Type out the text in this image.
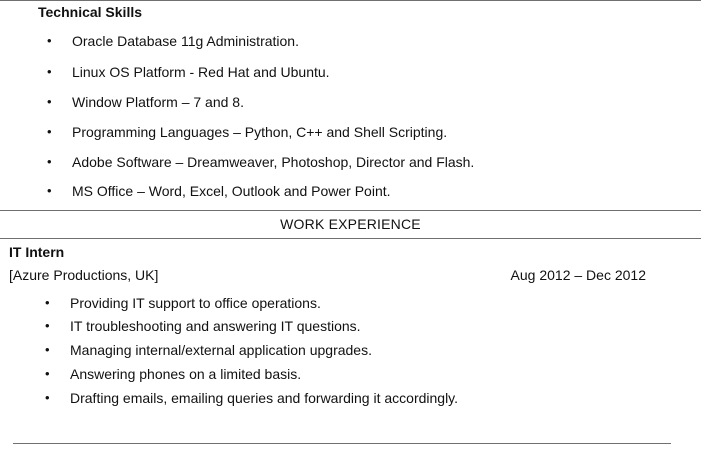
Technical Skills
• Oracle Database 11g Administration.
• Linux OS Platform - Red Hat and Ubuntu.
• Window Platform – 7 and 8.
• Programming Languages – Python, C++ and Shell Scripting.
• Adobe Software – Dreamweaver, Photoshop, Director and Flash.
• MS Office – Word, Excel, Outlook and Power Point.
WORK EXPERIENCE
IT Intern
[Azure Productions, UK]	Aug 2012 – Dec 2012
• Providing IT support to office operations.
• IT troubleshooting and answering IT questions.
• Managing internal/external application upgrades.
• Answering phones on a limited basis.
• Drafting emails, emailing queries and forwarding it accordingly.
